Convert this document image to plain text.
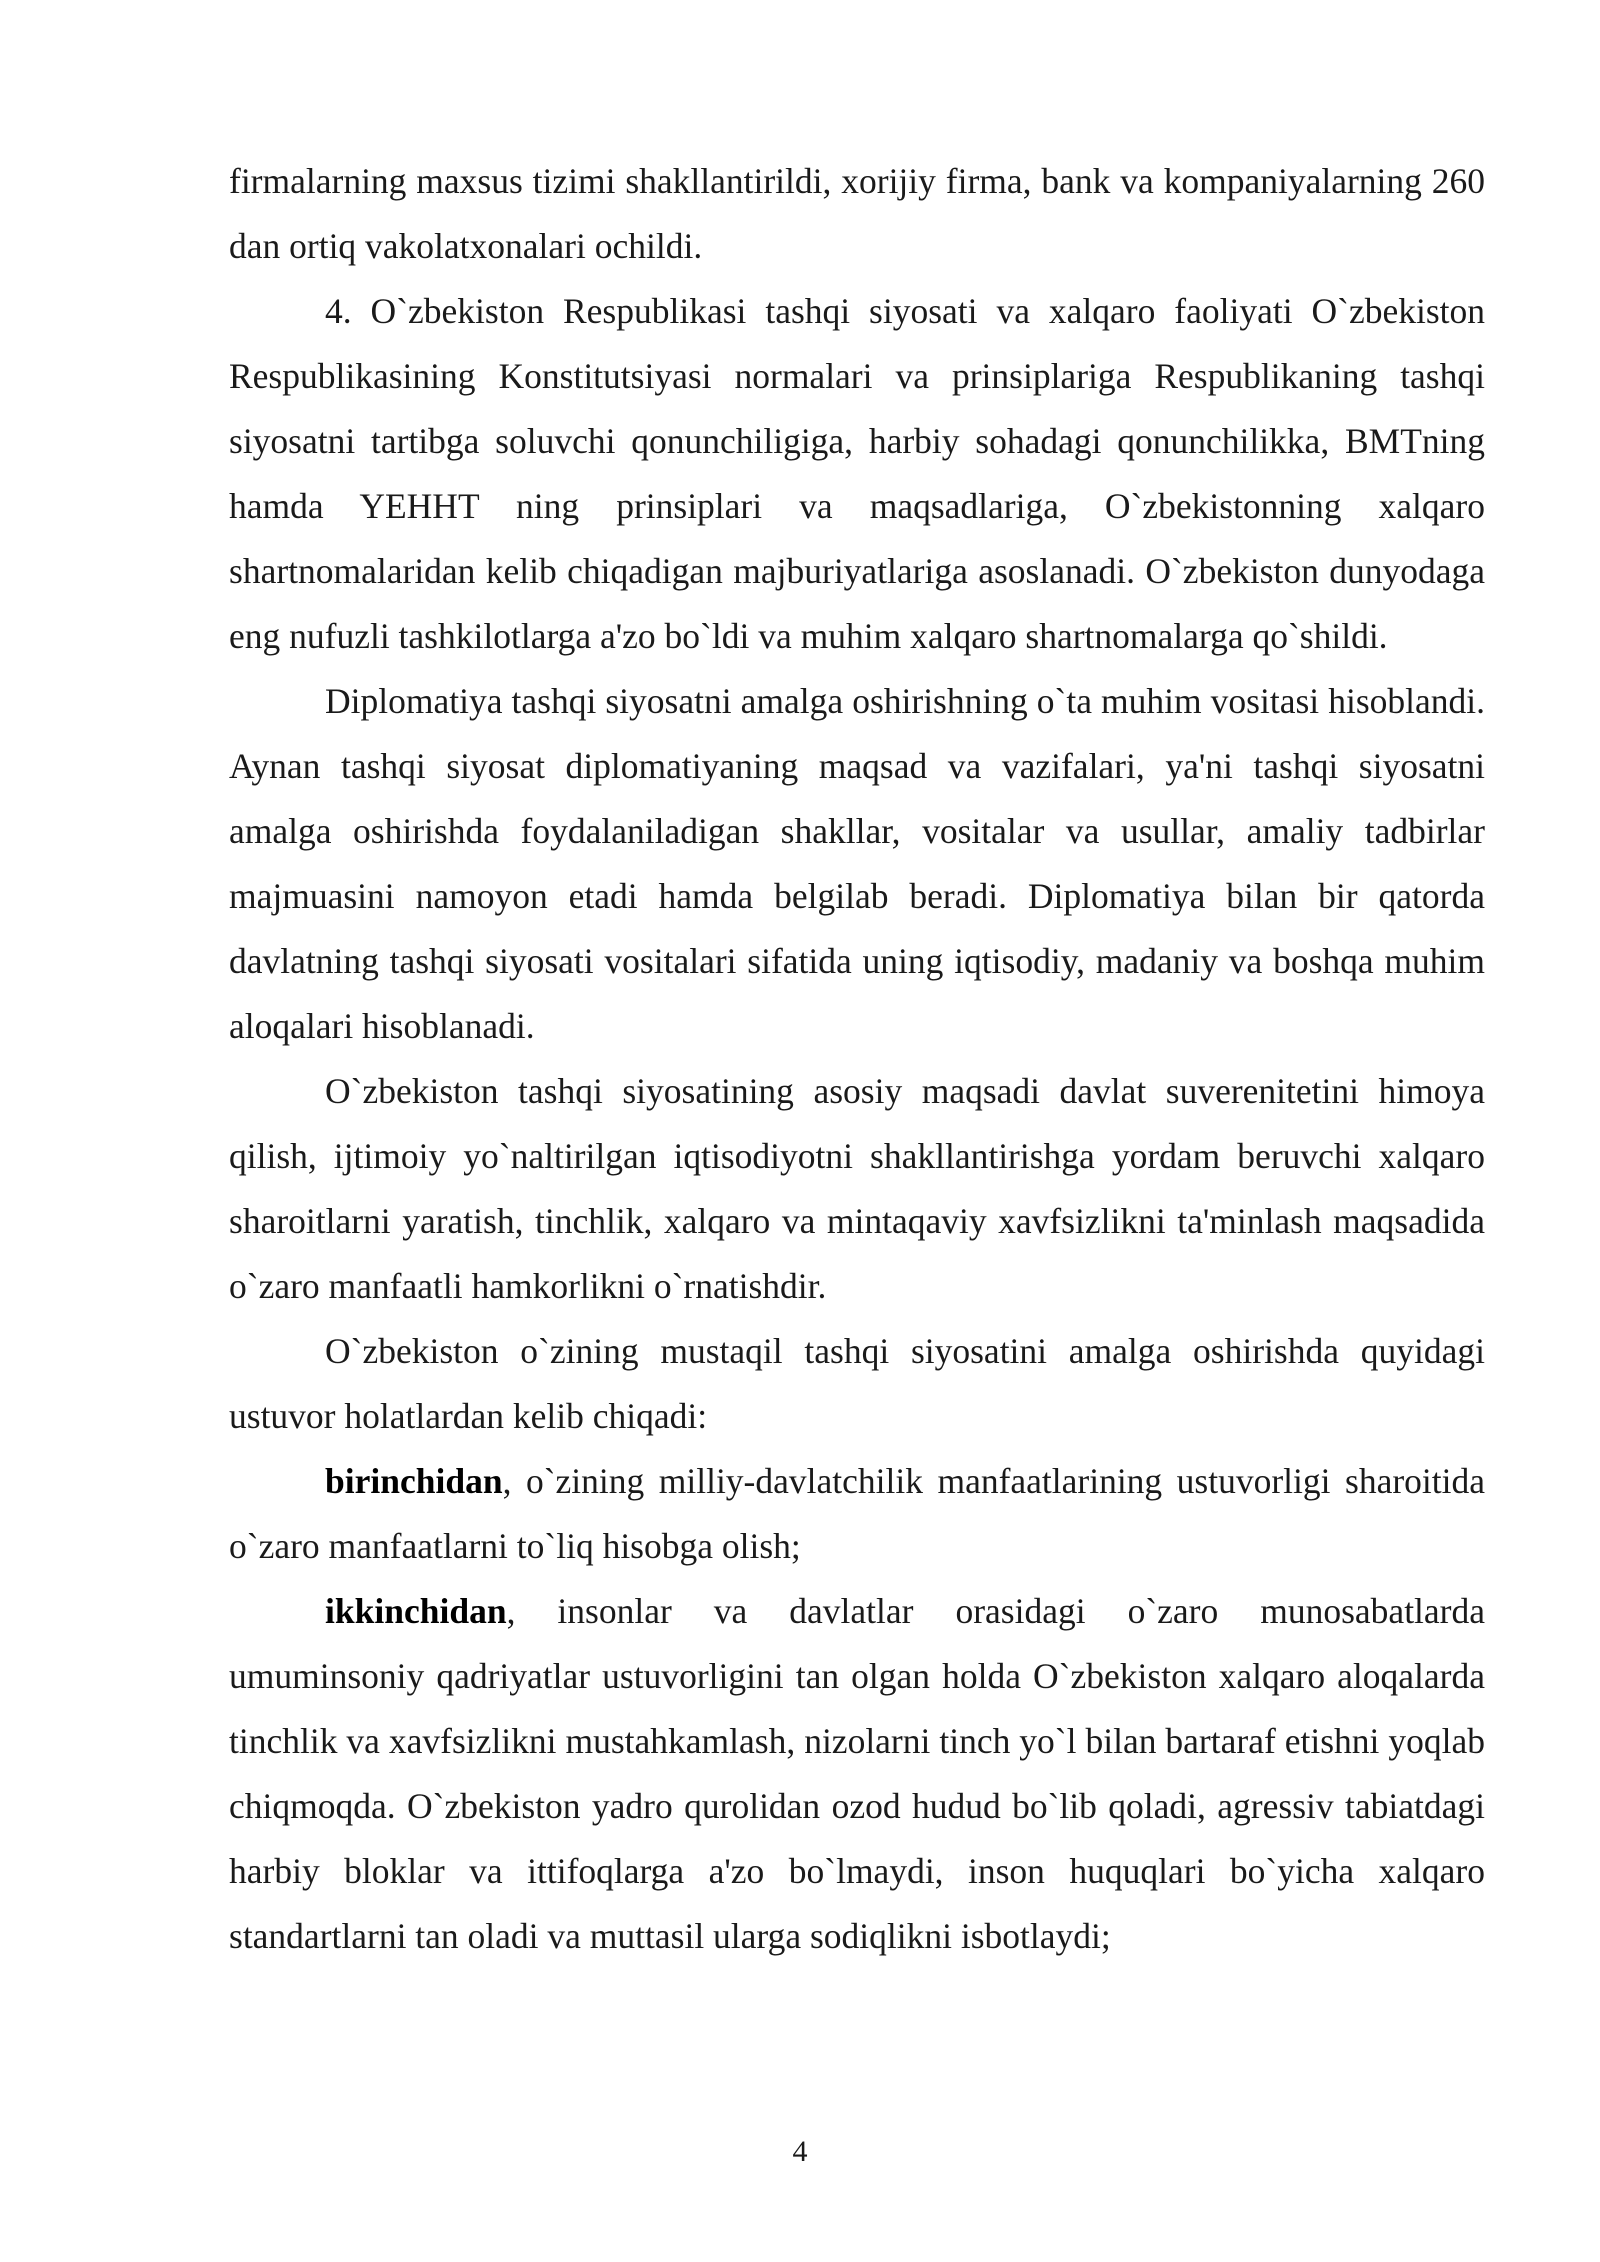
firmalarning maxsus tizimi shakllantirildi, xorijiy firma, bank va kompaniyalarning 260 dan ortiq vakolatxonalari ochildi.

4. O`zbekiston Respublikasi tashqi siyosati va xalqaro faoliyati O`zbekiston Respublikasining Konstitutsiyasi normalari va prinsiplariga Respublikaning tashqi siyosatni tartibga soluvchi qonunchiligiga, harbiy sohadagi qonunchilikka, BMTning hamda YEHHT ning prinsiplari va maqsadlariga, O`zbekistonning xalqaro shartnomalaridan kelib chiqadigan majburiyatlariga asoslanadi. O`zbekiston dunyodaga eng nufuzli tashkilotlarga a'zo bo`ldi va muhim xalqaro shartnomalarga qo`shildi.

Diplomatiya tashqi siyosatni amalga oshirishning o`ta muhim vositasi hisoblandi. Aynan tashqi siyosat diplomatiyaning maqsad va vazifalari, ya'ni tashqi siyosatni amalga oshirishda foydalaniladigan shakllar, vositalar va usullar, amaliy tadbirlar majmuasini namoyon etadi hamda belgilab beradi. Diplomatiya bilan bir qatorda davlatning tashqi siyosati vositalari sifatida uning iqtisodiy, madaniy va boshqa muhim aloqalari hisoblanadi.

O`zbekiston tashqi siyosatining asosiy maqsadi davlat suverenitetini himoya qilish, ijtimoiy yo`naltirilgan iqtisodiyotni shakllantirishga yordam beruvchi xalqaro sharoitlarni yaratish, tinchlik, xalqaro va mintaqaviy xavfsizlikni ta'minlash maqsadida o`zaro manfaatli hamkorlikni o`rnatishdir.

O`zbekiston o`zining mustaqil tashqi siyosatini amalga oshirishda quyidagi ustuvor holatlardan kelib chiqadi:

birinchidan, o`zining milliy-davlatchilik manfaatlarining ustuvorligi sharoitida o`zaro manfaatlarni to`liq hisobga olish;

ikkinchidan, insonlar va davlatlar orasidagi o`zaro munosabatlarda umuminsoniy qadriyatlar ustuvorligini tan olgan holda O`zbekiston xalqaro aloqalarda tinchlik va xavfsizlikni mustahkamlash, nizolarni tinch yo`l bilan bartaraf etishni yoqlab chiqmoqda. O`zbekiston yadro qurolidan ozod hudud bo`lib qoladi, agressiv tabiatdagi harbiy bloklar va ittifoqlarga a'zo bo`lmaydi, inson huquqlari bo`yicha xalqaro standartlarni tan oladi va muttasil ularga sodiqlikni isbotlaydi;

4
